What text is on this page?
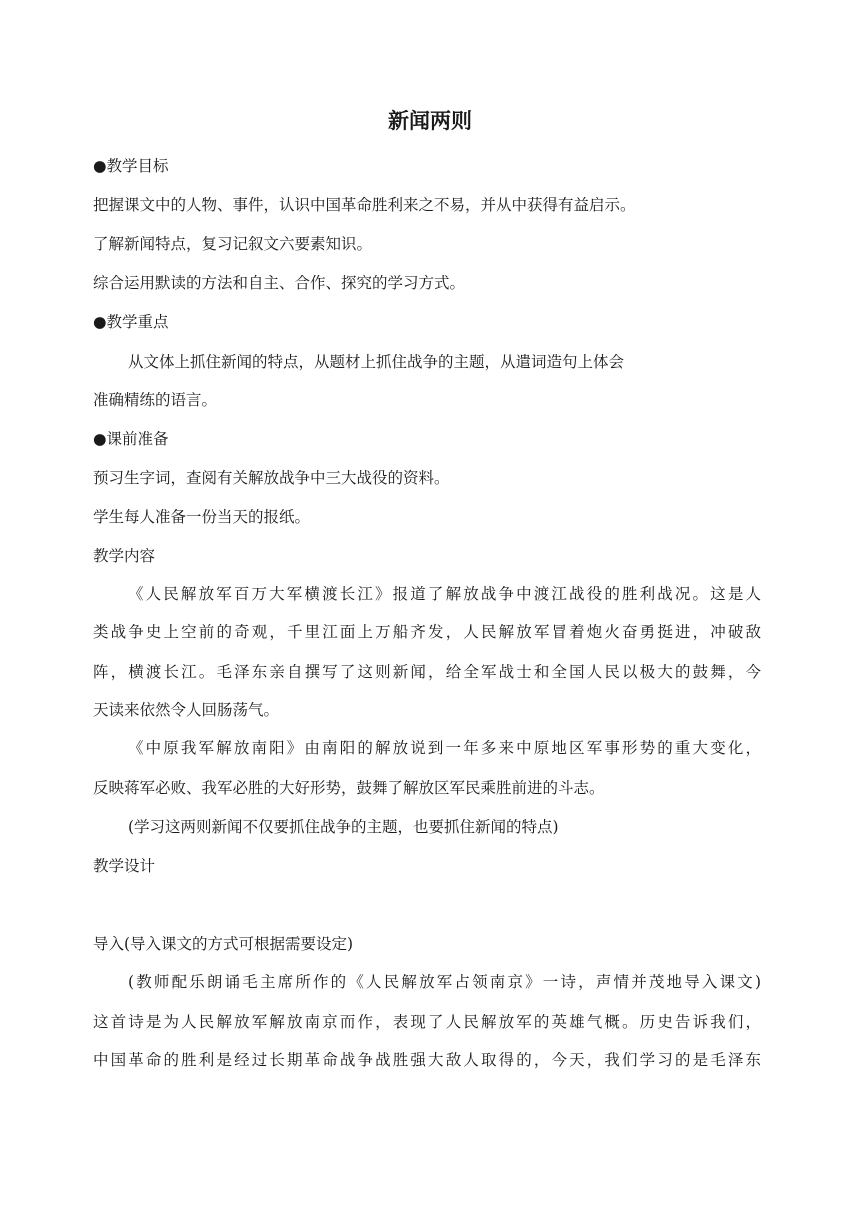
新闻两则
●教学目标
把握课文中的人物、事件，认识中国革命胜利来之不易，并从中获得有益启示。
了解新闻特点，复习记叙文六要素知识。
综合运用默读的方法和自主、合作、探究的学习方式。
●教学重点
从文体上抓住新闻的特点，从题材上抓住战争的主题，从遣词造句上体会
准确精练的语言。
●课前准备
预习生字词，查阅有关解放战争中三大战役的资料。
学生每人准备一份当天的报纸。
教学内容
《人民解放军百万大军横渡长江》报道了解放战争中渡江战役的胜利战况。这是人
类战争史上空前的奇观，千里江面上万船齐发，人民解放军冒着炮火奋勇挺进，冲破敌
阵，横渡长江。毛泽东亲自撰写了这则新闻，给全军战士和全国人民以极大的鼓舞，今
天读来依然令人回肠荡气。
《中原我军解放南阳》由南阳的解放说到一年多来中原地区军事形势的重大变化，
反映蒋军必败、我军必胜的大好形势，鼓舞了解放区军民乘胜前进的斗志。
(学习这两则新闻不仅要抓住战争的主题，也要抓住新闻的特点)
教学设计
导入(导入课文的方式可根据需要设定)
(教师配乐朗诵毛主席所作的《人民解放军占领南京》一诗，声情并茂地导入课文)
这首诗是为人民解放军解放南京而作，表现了人民解放军的英雄气概。历史告诉我们，
中国革命的胜利是经过长期革命战争战胜强大敌人取得的，今天，我们学习的是毛泽东
